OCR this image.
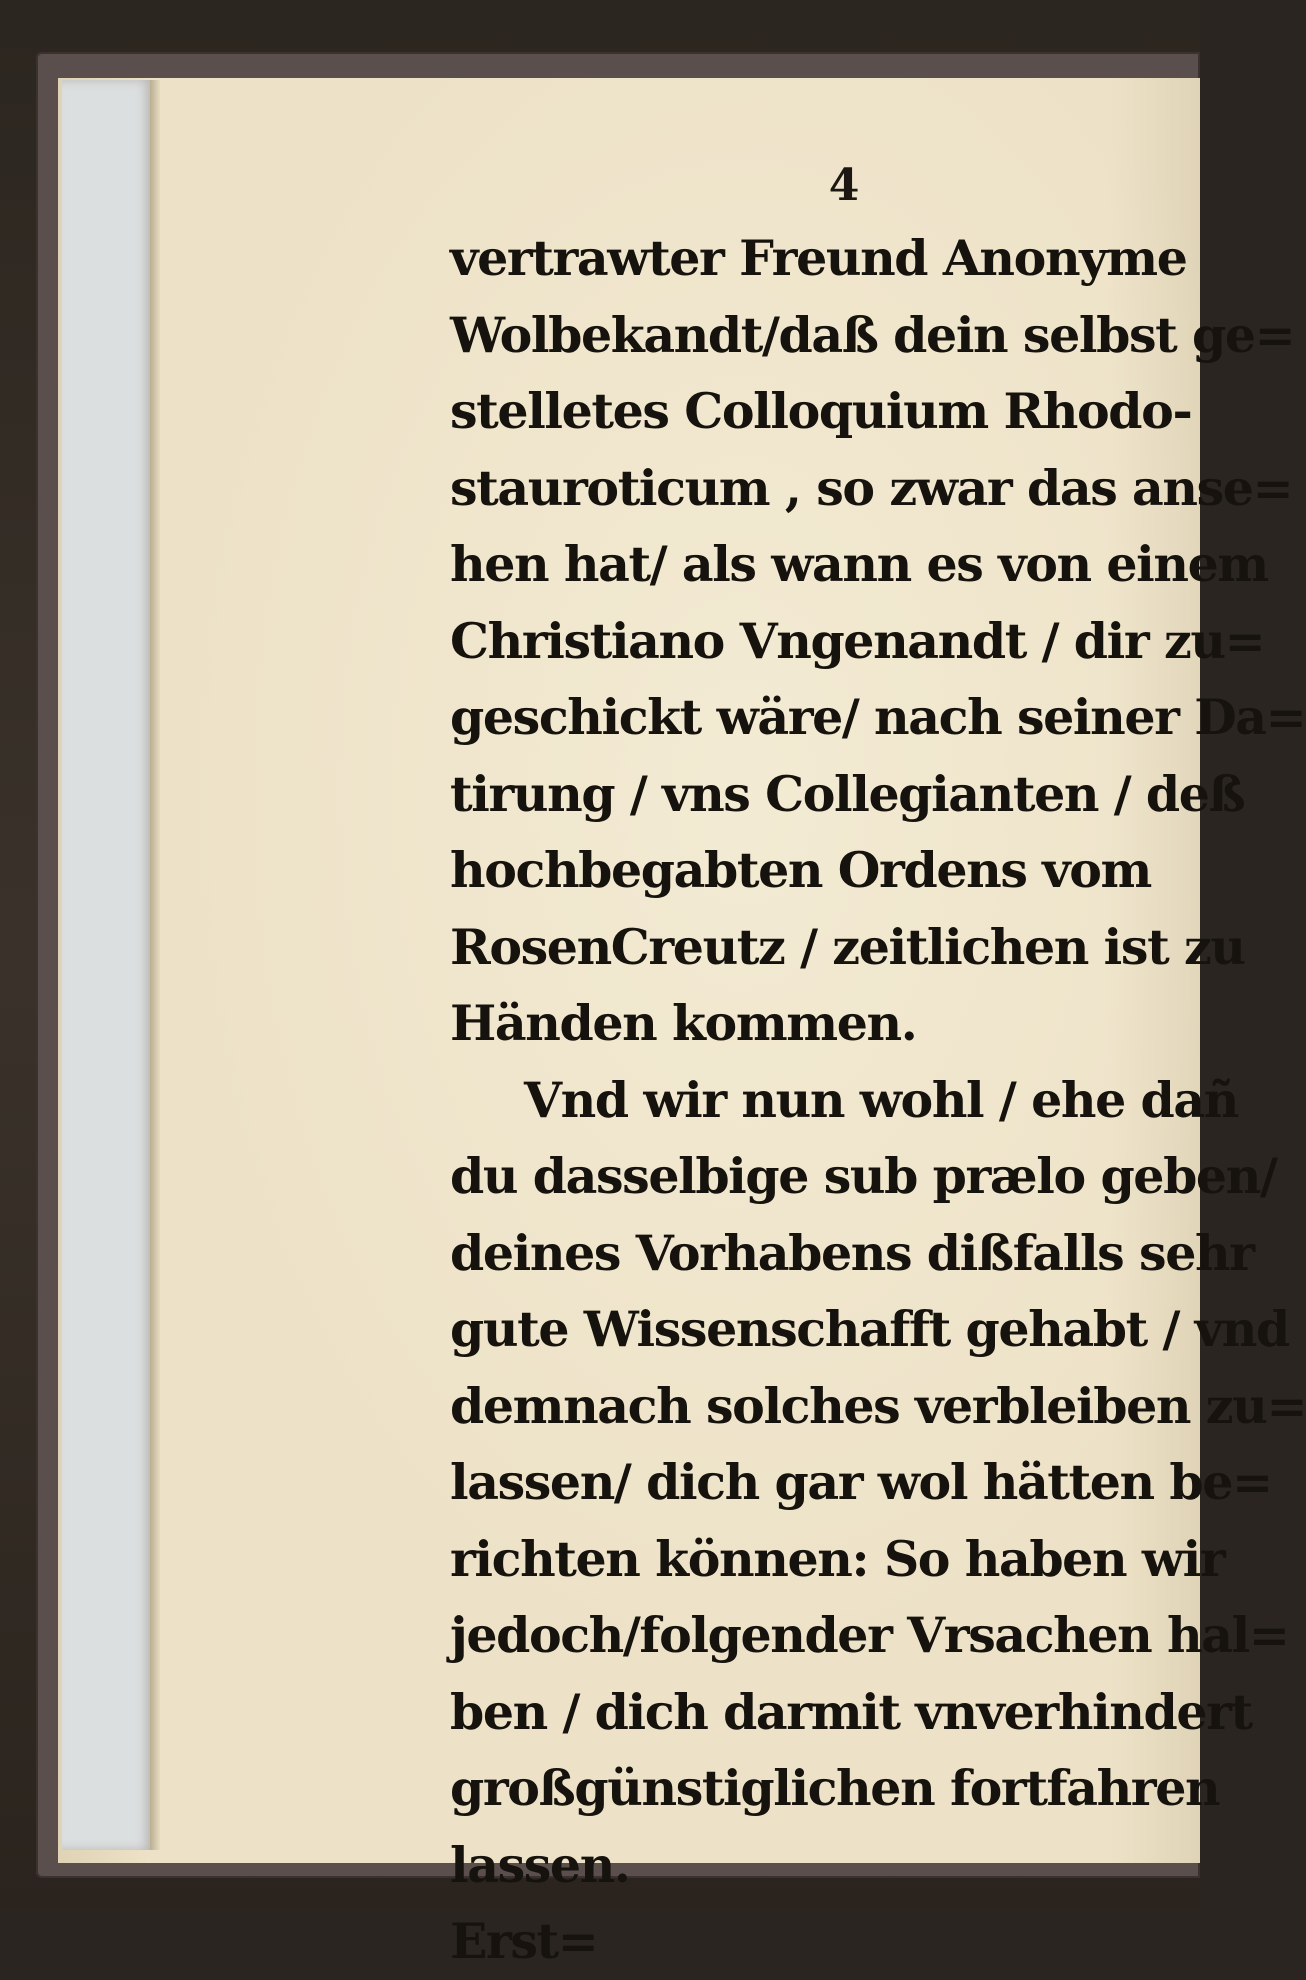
4
vertrawter Freund Anonyme
Wolbekandt/daß dein selbst ge=
stelletes Colloquium Rhodo-
stauroticum , so zwar das anse=
hen hat/ als wann es von einem
Christiano Vngenandt / dir zu=
geschickt wäre/ nach seiner Da=
tirung / vns Collegianten / deß
hochbegabten Ordens vom
RosenCreutz / zeitlichen ist zu
Händen kommen.
Vnd wir nun wohl / ehe dañ
du dasselbige sub prælo geben/
deines Vorhabens dißfalls sehr
gute Wissenschafft gehabt / vnd
demnach solches verbleiben zu=
lassen/ dich gar wol hätten be=
richten können: So haben wir
jedoch/folgender Vrsachen hal=
ben / dich darmit vnverhindert
großgünstiglichen fortfahren
lassen.
Erst=
